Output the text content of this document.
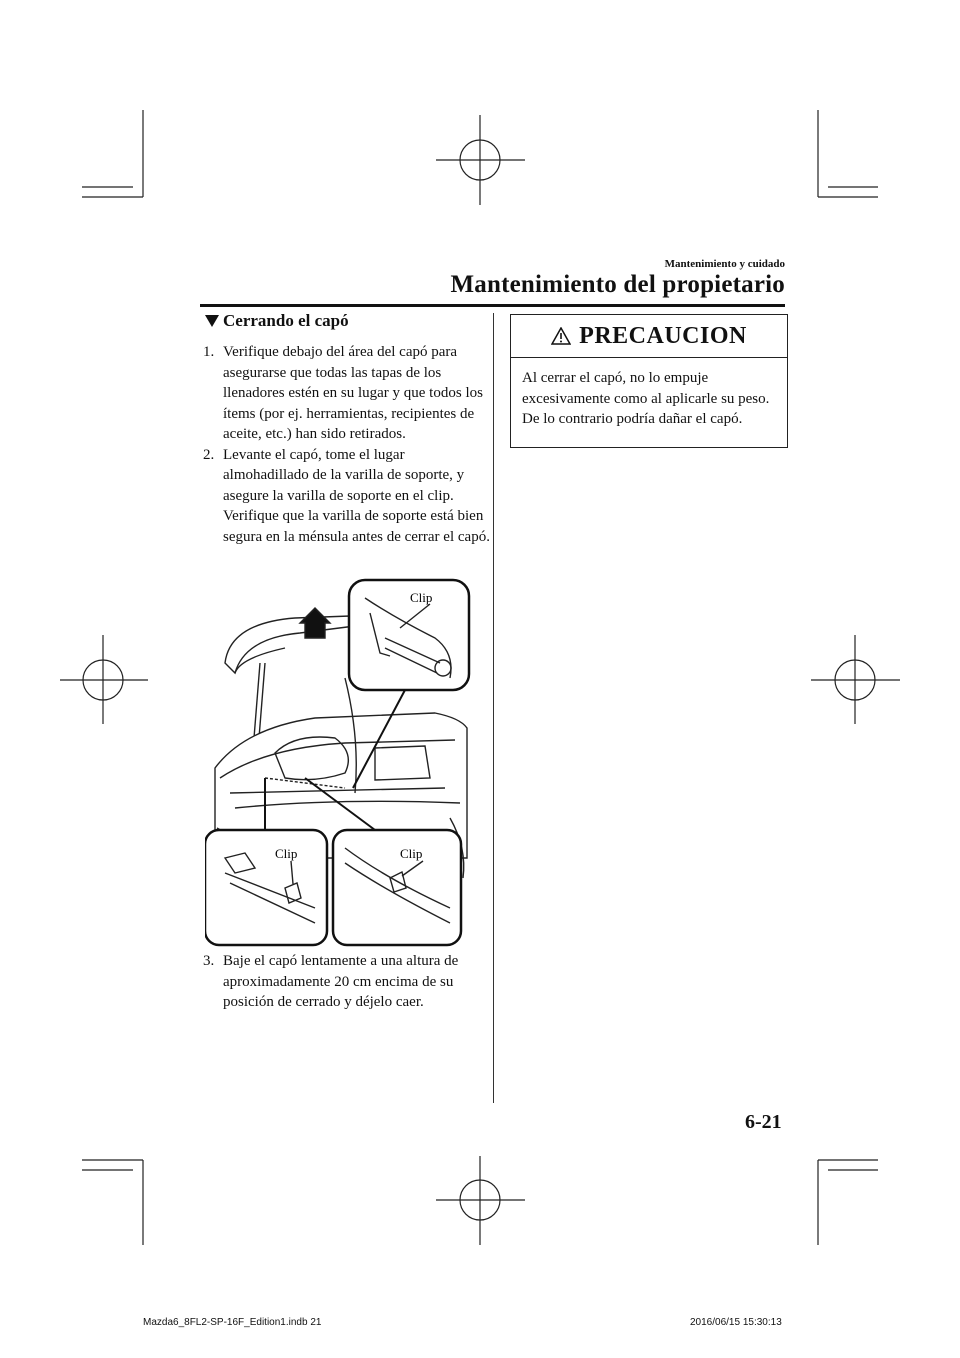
Mantenimiento y cuidado
Mantenimiento del propietario
Cerrando el capó
1. Verifique debajo del área del capó para asegurarse que todas las tapas de los llenadores estén en su lugar y que todos los ítems (por ej. herramientas, recipientes de aceite, etc.) han sido retirados.
2. Levante el capó, tome el lugar almohadillado de la varilla de soporte, y asegure la varilla de soporte en el clip. Verifique que la varilla de soporte está bien segura en la ménsula antes de cerrar el capó.
Clip
Clip	Clip
3. Baje el capó lentamente a una altura de aproximadamente 20 cm encima de su posición de cerrado y déjelo caer.
PRECAUCION
Al cerrar el capó, no lo empuje excesivamente como al aplicarle su peso. De lo contrario podría dañar el capó.
6-21
Mazda6_8FL2-SP-16F_Edition1.indb 21	2016/06/15 15:30:13
